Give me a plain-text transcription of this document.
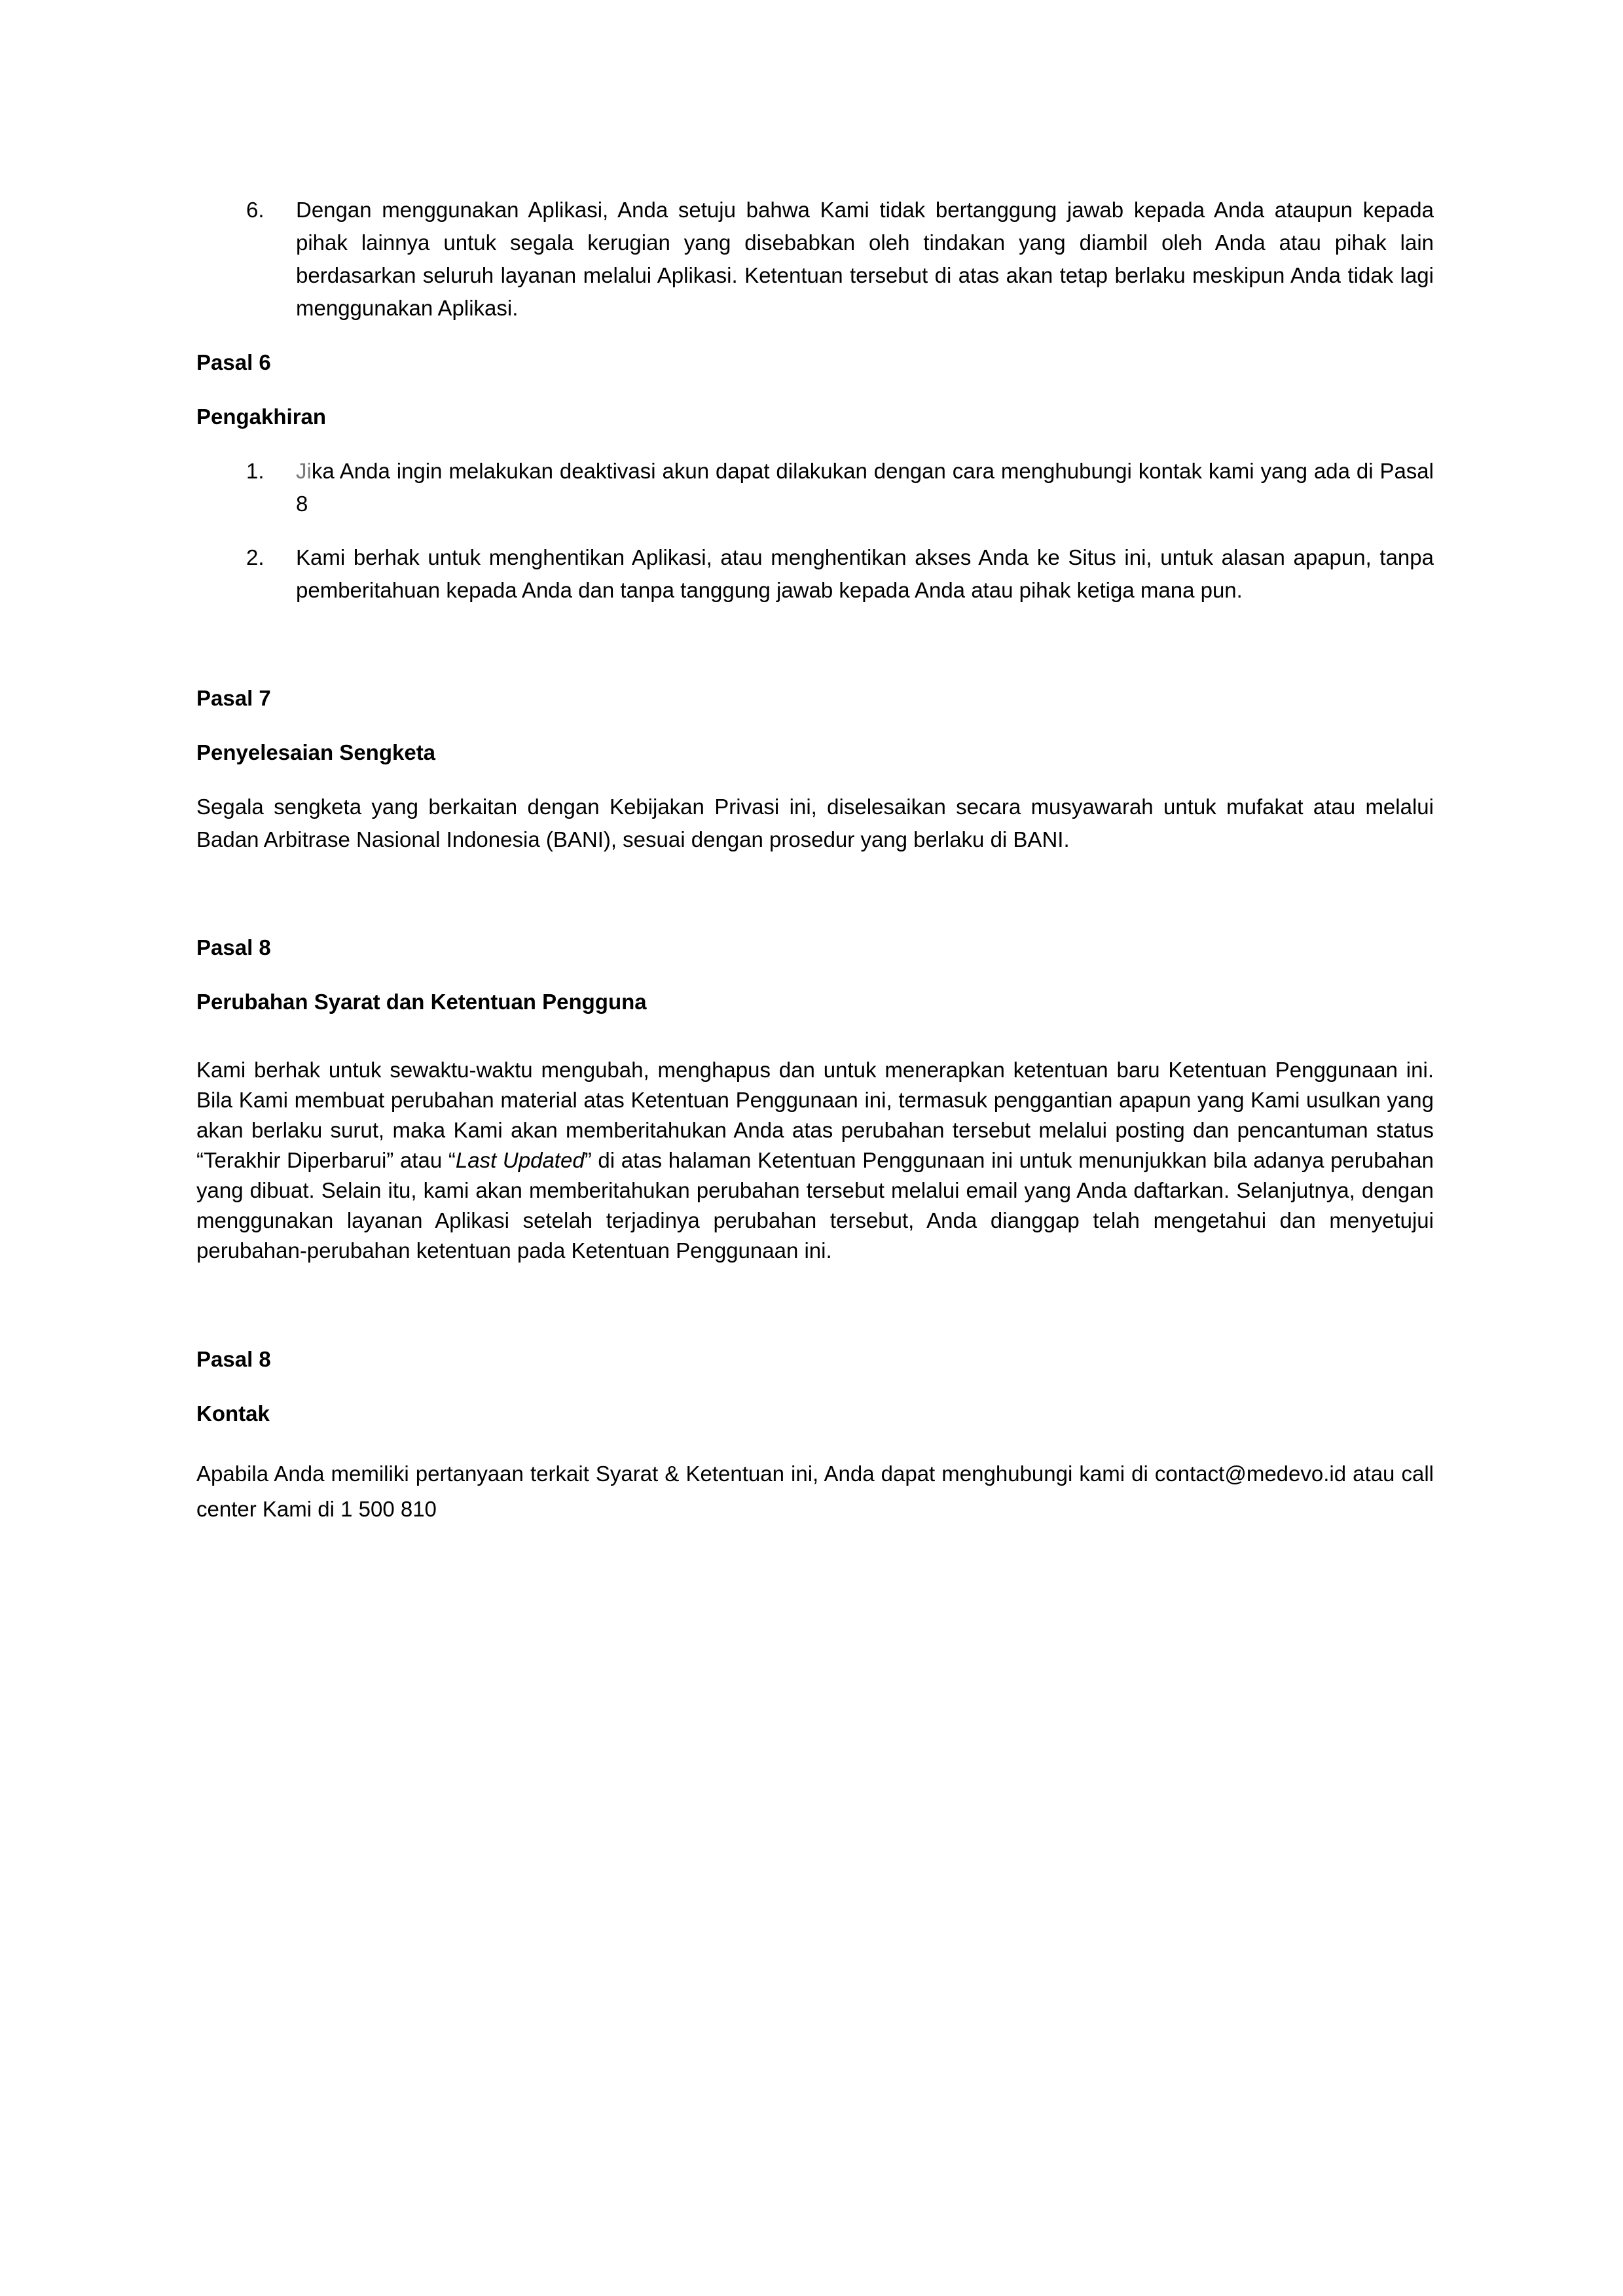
6.	Dengan menggunakan Aplikasi, Anda setuju bahwa Kami tidak bertanggung jawab kepada Anda ataupun kepada pihak lainnya untuk segala kerugian yang disebabkan oleh tindakan yang diambil oleh Anda atau pihak lain berdasarkan seluruh layanan melalui Aplikasi. Ketentuan tersebut di atas akan tetap berlaku meskipun Anda tidak lagi menggunakan Aplikasi.

Pasal 6

Pengakhiran

1.	Jika Anda ingin melakukan deaktivasi akun dapat dilakukan dengan cara menghubungi kontak kami yang ada di Pasal 8
2.	Kami berhak untuk menghentikan Aplikasi, atau menghentikan akses Anda ke Situs ini, untuk alasan apapun, tanpa pemberitahuan kepada Anda dan tanpa tanggung jawab kepada Anda atau pihak ketiga mana pun.

Pasal 7

Penyelesaian Sengketa

Segala sengketa yang berkaitan dengan Kebijakan Privasi ini, diselesaikan secara musyawarah untuk mufakat atau melalui Badan Arbitrase Nasional Indonesia (BANI), sesuai dengan prosedur yang berlaku di BANI.

Pasal 8

Perubahan Syarat dan Ketentuan Pengguna

Kami berhak untuk sewaktu-waktu mengubah, menghapus dan untuk menerapkan ketentuan baru Ketentuan Penggunaan ini. Bila Kami membuat perubahan material atas Ketentuan Penggunaan ini, termasuk penggantian apapun yang Kami usulkan yang akan berlaku surut, maka Kami akan memberitahukan Anda atas perubahan tersebut melalui posting dan pencantuman status “Terakhir Diperbarui” atau “Last Updated” di atas halaman Ketentuan Penggunaan ini untuk menunjukkan bila adanya perubahan yang dibuat. Selain itu, kami akan memberitahukan perubahan tersebut melalui email yang Anda daftarkan. Selanjutnya, dengan menggunakan layanan Aplikasi setelah terjadinya perubahan tersebut, Anda dianggap telah mengetahui dan menyetujui perubahan-perubahan ketentuan pada Ketentuan Penggunaan ini.

Pasal 8

Kontak

Apabila Anda memiliki pertanyaan terkait Syarat & Ketentuan ini, Anda dapat menghubungi kami di contact@medevo.id atau call center Kami di 1 500 810
